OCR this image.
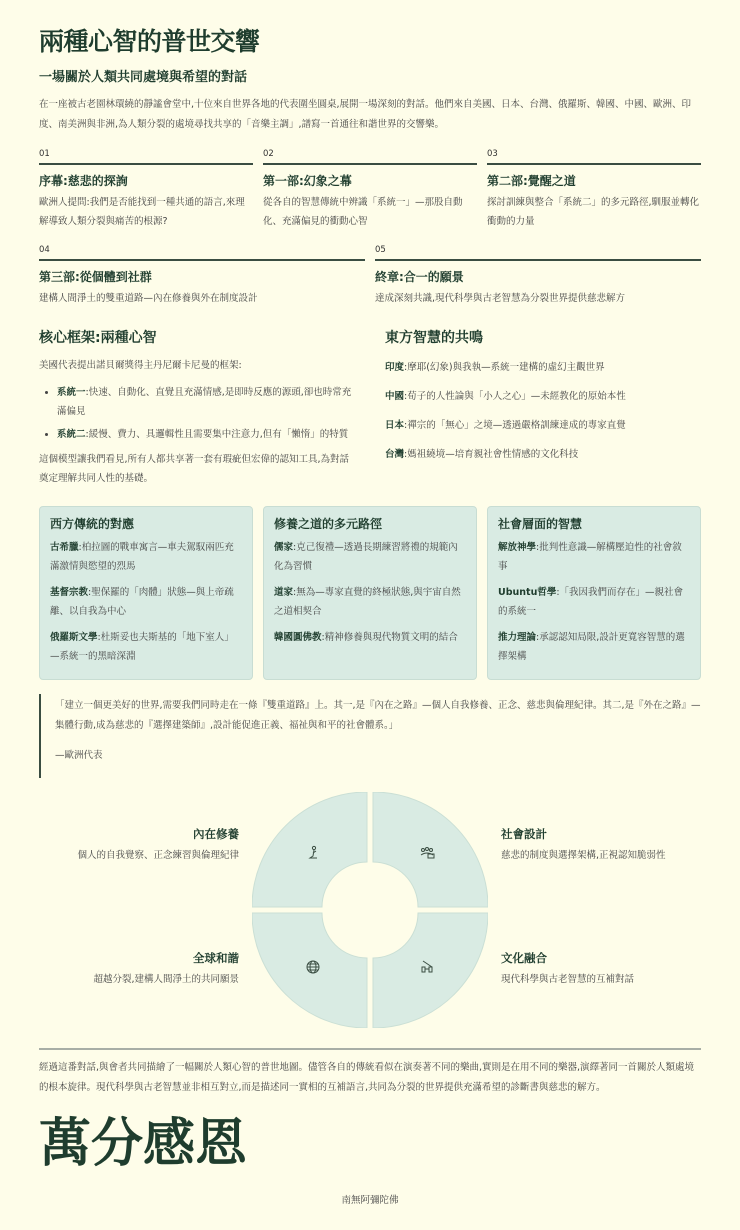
兩種心智的普世交響
一場關於人類共同處境與希望的對話

在一座被古老園林環繞的靜謐會堂中,十位來自世界各地的代表圍坐圓桌,展開一場深刻的對話。他們來自美國、日本、台灣、俄羅斯、韓國、中國、歐洲、印度、南美洲與非洲,為人類分裂的處境尋找共享的「音樂主調」,譜寫一首通往和諧世界的交響樂。

01
序幕:慈悲的探詢

歐洲人提問:我們是否能找到一種共通的語言,來理解導致人類分裂與痛苦的根源?

02
第一部:幻象之幕

從各自的智慧傳統中辨識「系統一」—那股自動化、充滿偏見的衝動心智

03
第二部:覺醒之道

探討訓練與整合「系統二」的多元路徑,馴服並轉化衝動的力量

04
第三部:從個體到社群

建構人間淨土的雙重道路—內在修養與外在制度設計

05
終章:合一的願景

達成深刻共識,現代科學與古老智慧為分裂世界提供慈悲解方

核心框架:兩種心智

美國代表提出諾貝爾獎得主丹尼爾卡尼曼的框架:

• 系統一:快速、自動化、直覺且充滿情感,是即時反應的源頭,卻也時常充滿偏見
• 系統二:緩慢、費力、具邏輯性且需要集中注意力,但有「懶惰」的特質

這個模型讓我們看見,所有人都共享著一套有瑕疵但宏偉的認知工具,為對話奠定理解共同人性的基礎。

東方智慧的共鳴

印度:摩耶(幻象)與我執—系統一建構的虛幻主觀世界

中國:荀子的人性論與「小人之心」—未經教化的原始本性

日本:禪宗的「無心」之境—透過嚴格訓練達成的專家直覺

台灣:媽祖繞境—培育親社會性情感的文化科技

西方傳統的對應

古希臘:柏拉圖的戰車寓言—車夫駕馭兩匹充滿激情與慾望的烈馬

基督宗教:聖保羅的「肉體」狀態—與上帝疏離、以自我為中心

俄羅斯文學:杜斯妥也夫斯基的「地下室人」—系統一的黑暗深淵

修養之道的多元路徑

儒家:克己復禮—透過長期練習將禮的規範內化為習慣

道家:無為—專家直覺的終極狀態,與宇宙自然之道相契合

韓國圓佛教:精神修養與現代物質文明的結合

社會層面的智慧

解放神學:批判性意識—解構壓迫性的社會敘事

Ubuntu哲學:「我因我們而存在」—親社會的系統一

推力理論:承認認知局限,設計更寬容智慧的選擇架構

「建立一個更美好的世界,需要我們同時走在一條『雙重道路』上。其一,是『內在之路』—個人自我修養、正念、慈悲與倫理紀律。其二,是『外在之路』—集體行動,成為慈悲的『選擇建築師』,設計能促進正義、福祉與和平的社會體系。」

—歐洲代表

內在修養

個人的自我覺察、正念練習與倫理紀律

社會設計

慈悲的制度與選擇架構,正視認知脆弱性

全球和諧

超越分裂,建構人間淨土的共同願景

文化融合

現代科學與古老智慧的互補對話

經過這番對話,與會者共同描繪了一幅關於人類心智的普世地圖。儘管各自的傳統看似在演奏著不同的樂曲,實則是在用不同的樂器,演繹著同一首關於人類處境的根本旋律。現代科學與古老智慧並非相互對立,而是描述同一實相的互補語言,共同為分裂的世界提供充滿希望的診斷書與慈悲的解方。

萬分感恩
南無阿彌陀佛
